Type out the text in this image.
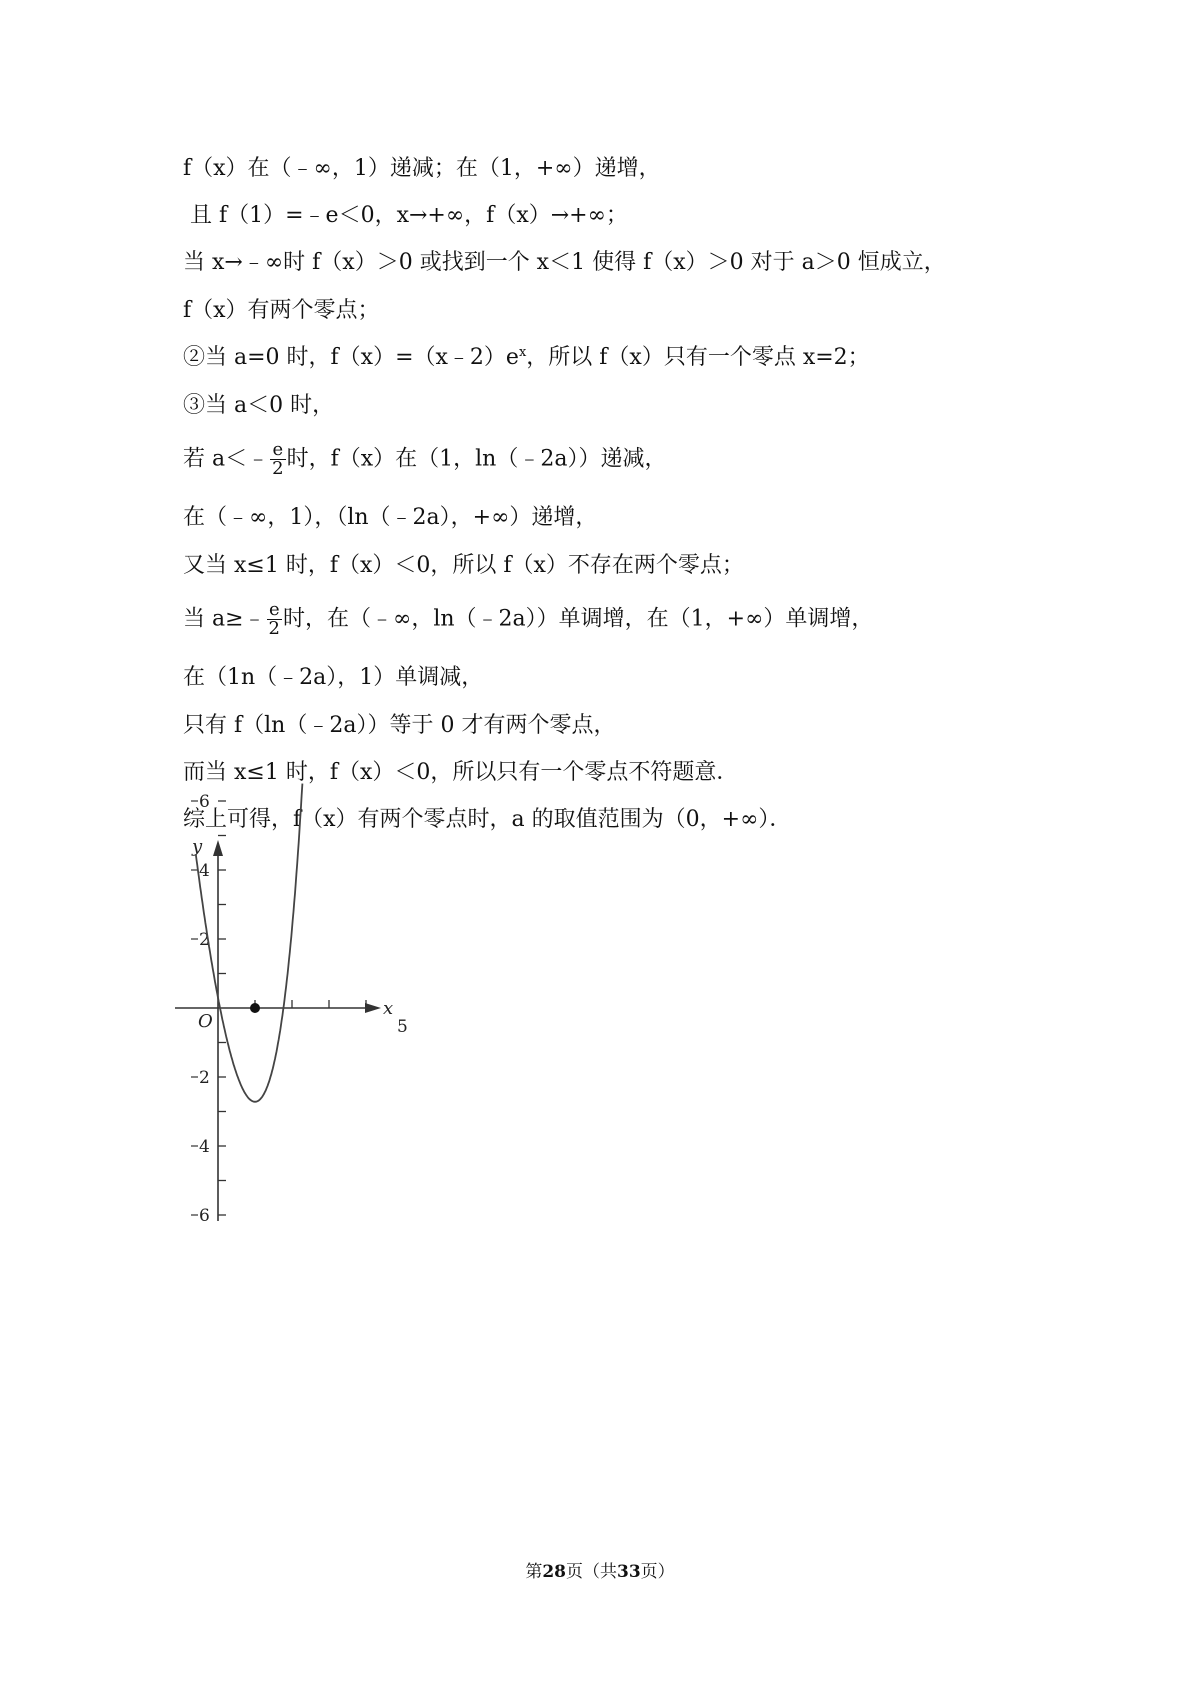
f（x）在（﹣∞，1）递减；在（1，+∞）递增，
且 f（1）=﹣e＜0，x→+∞，f（x）→+∞；
当 x→﹣∞时 f（x）＞0 或找到一个 x＜1 使得 f（x）＞0 对于 a＞0 恒成立，
f（x）有两个零点；
②当 a=0 时，$f(x)=(x﹣2)e^x$，所以 f（x）只有一个零点 x=2；
③当 a＜0 时，
若 a＜﹣ $\frac{e}{2}$ 时，f（x）在（1，ln（﹣2a））递减，
在（﹣∞，1），（ln（﹣2a），+∞）递增，
又当 x≤1 时，f（x）＜0，所以 f（x）不存在两个零点；
当 a≥﹣ $\frac{e}{2}$ 时，在（﹣∞，ln（﹣2a））单调增，在（1，+∞）单调增，
在（1n（﹣2a），1）单调减，
只有 f（ln（﹣2a））等于 0 才有两个零点，
而当 x≤1 时，f（x）＜0，所以只有一个零点不符题意．
综上可得，f（x）有两个零点时，a 的取值范围为（0，+∞）．
y
x
O	5
6
4
2
2
4
6
第28页（共33页）
